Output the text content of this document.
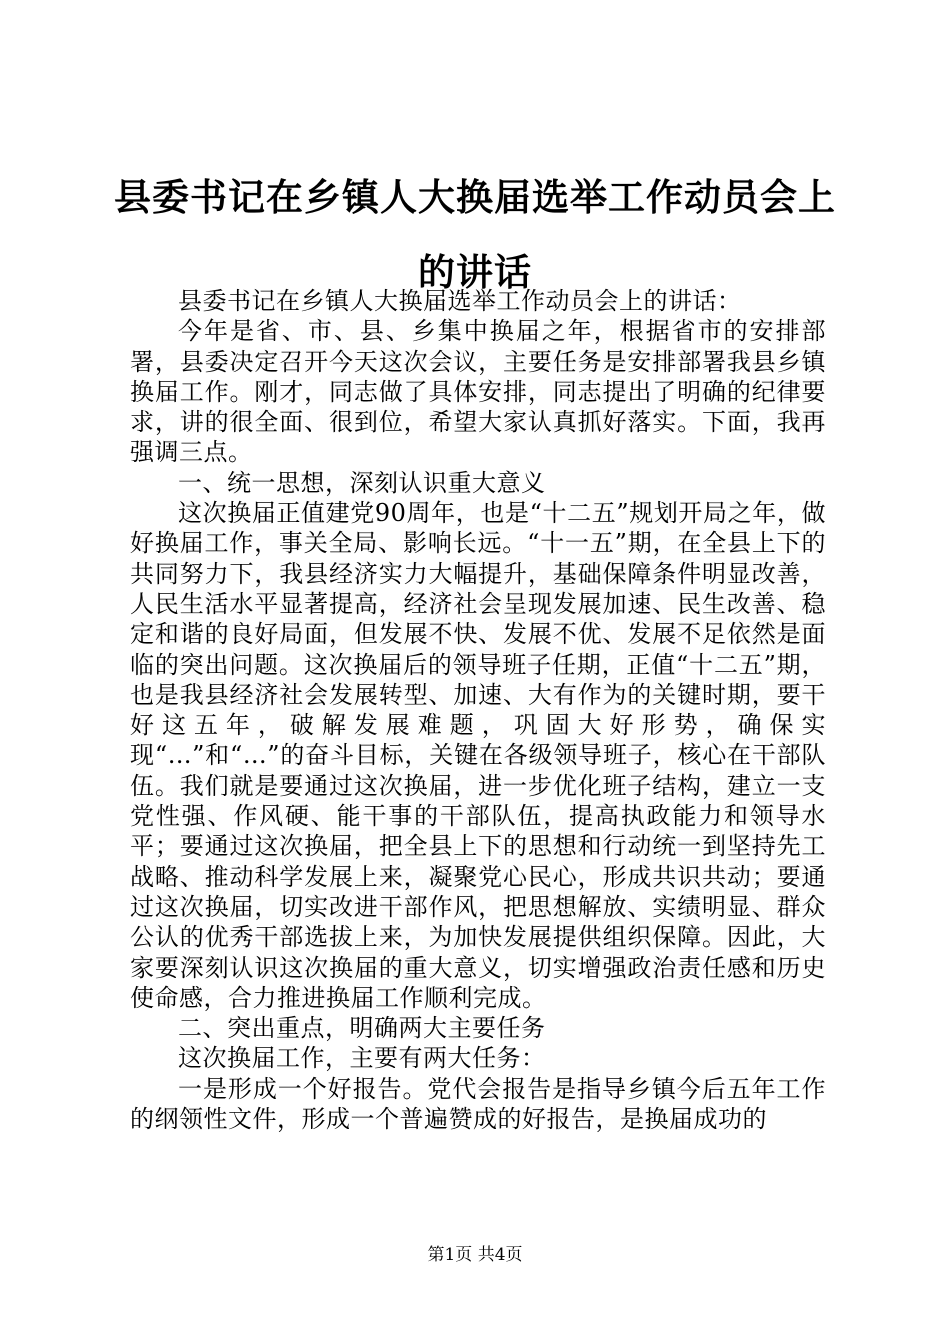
县委书记在乡镇人大换届选举工作动员会上的讲话

县委书记在乡镇人大换届选举工作动员会上的讲话：

今年是省、市、县、乡集中换届之年，根据省市的安排部署，县委决定召开今天这次会议，主要任务是安排部署我县乡镇换届工作。刚才，同志做了具体安排，同志提出了明确的纪律要求，讲的很全面、很到位，希望大家认真抓好落实。下面，我再强调三点。

一、统一思想，深刻认识重大意义

这次换届正值建党90周年，也是“十二五”规划开局之年，做好换届工作，事关全局、影响长远。“十一五”期，在全县上下的共同努力下，我县经济实力大幅提升，基础保障条件明显改善，人民生活水平显著提高，经济社会呈现发展加速、民生改善、稳定和谐的良好局面，但发展不快、发展不优、发展不足依然是面临的突出问题。这次换届后的领导班子任期，正值“十二五”期，也是我县经济社会发展转型、加速、大有作为的关键时期，要干好这五年，破解发展难题，巩固大好形势，确保实现“…”和“…”的奋斗目标，关键在各级领导班子，核心在干部队伍。我们就是要通过这次换届，进一步优化班子结构，建立一支党性强、作风硬、能干事的干部队伍，提高执政能力和领导水平；要通过这次换届，把全县上下的思想和行动统一到坚持先工战略、推动科学发展上来，凝聚党心民心，形成共识共动；要通过这次换届，切实改进干部作风，把思想解放、实绩明显、群众公认的优秀干部选拔上来，为加快发展提供组织保障。因此，大家要深刻认识这次换届的重大意义，切实增强政治责任感和历史使命感，合力推进换届工作顺利完成。

二、突出重点，明确两大主要任务

这次换届工作，主要有两大任务：

一是形成一个好报告。党代会报告是指导乡镇今后五年工作的纲领性文件，形成一个普遍赞成的好报告，是换届成功的

第1页 共4页
